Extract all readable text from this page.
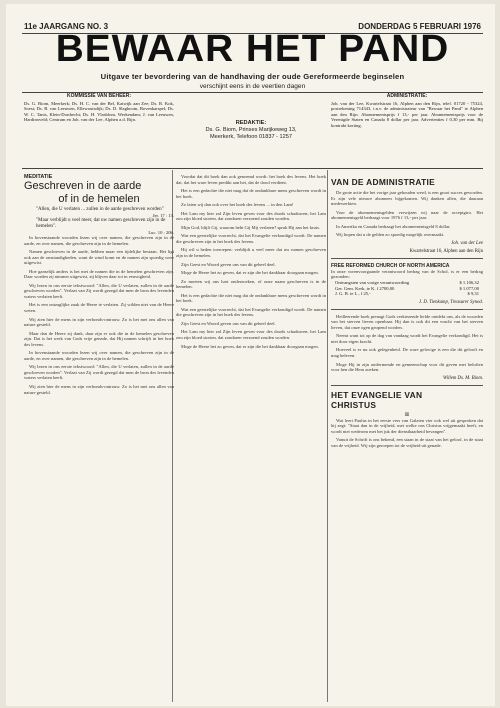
11e JAARGANG NO. 3	DONDERDAG 5 FEBRUARI 1976
BEWAAR HET PAND
Uitgave ter bevordering van de handhaving der oude Gereformeerde beginselen
verschijnt eens in de veertien dagen
KOMMISSIE VAN BEHEER:
Ds. G. Biom, Meerkerk; Ds. H. C. van der Bel, Katwijk aan Zee; Ds. R. Kok, Soest; Ds. B. van Leeuwen, Ellewoutsdijk; Ds. D. Slagboom, Bovenkarspel; Ds. W. C. Tanis, Klein-Dordrecht; Ds. H. Vlasblom, Werkendam; J. van Leeuwen, Hardinxveld; Centrum en Joh. van der Lee, Alphen a.d. Rijn.
ADMINISTRATIE:
Joh. van der Lee, Kwartelstraat 16, Alphen aan den Rijn, telef. 01720 - 75324, postrekening 714343, t.n.v. de administrateur van "Bewaar het Pand" te Alphen aan den Rijn. Abonnementsprijs f 13,- per jaar. Abonnementsprijs voor de Verenigde Staten en Canada 8 dollar per jaar. Advertenties f 0,30 per mm. Bij kontrakt korting.
REDAKTIE:
Ds. G. Biom, Prinses Marijkeweg 13,
Meerkerk, Telefoon 01837 - 1257
MEDITATIE
Geschreven in de aarde
of in de hemelen
"Allen, die U verlaten ... zullen in de aarde geschreven worden"
Jer. 17 : 13.
"Maar verblijdt u veel meer, dat uw namen geschreven zijn in de hemelen".
Luc. 10 : 20b.

In bovenstaande woorden lezen wij over namen, die geschreven zijn in de aarde, en over namen, die geschreven zijn in de hemelen.

Namen geschreven in de aarde, hebben maar een tijdelijke bestaan. Het ligt ook aan de omstandigheden, want de wind komt en de namen zijn spoedig weer uitgewist.

Hoe ganselijk anders is het met de namen die in de hemelen geschreven zijn. Daar worden zij nimmer uitgewist, zij blijven daar tot in eeuwigheid.

Wij lezen in ons eerste tekstwoord: "Allen, die U verlaten, zullen in de aarde geschreven worden". Verlaat van Zij wordt gezegd dat men de bron des levenden waters verlaten heeft.

Het is een ontzaglijke zaak de Heere te verlaten. Zij wilden niet van de Heere weten.

Wij zien hier de mens in zijn verbonds-ontrouw. Zo is het met ons allen van nature gesteld.

Maar dan de Heere zij dank, daar zijn er ook die in de hemelen geschreven zijn. Dat is het werk van Gods vrije genade, dat Hij namen schrijft in het boek des levens.

In bovenstaande woorden lezen wij over namen, die geschreven zijn in de aarde, en over namen, die geschreven zijn in de hemelen.

Wij lezen in ons eerste tekstwoord: "Allen, die U verlaten, zullen in de aarde geschreven worden". Verlaat van Zij wordt gezegd dat men de bron des levenden waters verlaten heeft.

Wij zien hier de mens in zijn verbonds-ontrouw. Zo is het met ons allen van nature gesteld.

Voordat dat dit boek dan ook genoemd wordt: het boek des levens. Het boek dat, dat het ware leven predikt aan het, dat de dood verdient.

Het is een gedachte die niet mag dat de ondankbare mens geschreven wordt in het boek.

Zo laten wij dan ook over het boek des levens ... in den Lam!

Het Lam my hier zal Zijn leven geven voor des doods schaduwen; het Lam zou zijn bloed storten, dat zondaren verzoend zouden worden.

Mijn God, blijft Gij, waarom hebt Gij Mij verlaten? sprak Hij aan het kruis.

Wat een geestelijke voorrecht, dat het Evangelie verkondigd wordt. De namen die geschreven zijn in het boek des levens.

Hij wil u heden toeroepen: verblijdt u veel meer dat uw namen geschreven zijn in de hemelen.

Zijn Geest en Woord geven ons van dit geheel deel.

Moge de Heere het zo geven, dat er zijn die het dankbaar doorgaan mogen.

Zo moeten wij ons hart onderzoeken, of onze naam geschreven is in de hemelen.

Het is een gedachte die niet mag dat de ondankbare mens geschreven wordt in het boek.

Wat een geestelijke voorrecht, dat het Evangelie verkondigd wordt. De namen die geschreven zijn in het boek des levens.

Zijn Geest en Woord geven ons van dit geheel deel.

Het Lam my hier zal Zijn leven geven voor des doods schaduwen; het Lam zou zijn bloed storten, dat zondaren verzoend zouden worden.

Moge de Heere het zo geven, dat er zijn die het dankbaar doorgaan mogen.

VAN DE ADMINISTRATIE

De grote actie die het vorige jaar gehouden werd, is een groot succes geworden. Er zijn vele nieuwe abonnees bijgekomen. Wij danken allen, die daaraan medewerkten.

Voor de abonnementsgelden verwijzen wij naar de acceptgiro. Het abonnementsgeld bedraagt voor 1976 f 13,- per jaar.

In Amerika en Canada bedraagt het abonnementsgeld 8 dollar.

Wij hopen dat u de gelden zo spoedig mogelijk overmaakt.

Joh. van der Lee
Kwartelstraat 16, Alphen aan den Rijn
FREE REFORMED CHURCH OF NORTH AMERICA
In onze vorenvoorgaande verantwoord bedrag van de Schol, is er een bedrag gezonden:
Ontvangsten van vorige verantwoording	$ 1.106,32
Ger. Gem. Kerk, te K. f 2700,00	$ 1.077,00
J. G. B. te L., f 25,-	$ 9,31
J. D. Tienkamp, Treasurer Synod.

Heilleerende boek prenagt Gods verkiezende liefde ontdekt ons, als de woorden van het sterven lieven openbaar. Hij dan is ook dit een vrucht van het sterven lieven, dat onze ogen geopend worden.

Neemt want tot op de dag van vandaag wordt het Evangelie verkondigd. Het is niet door eigen kracht.

Hoeveel is er nu ook gelegenheid. De ware gelovige is een die dit gelooft en mag beleven.

Moge Hij in zijn ontfermende en gemeenschap voor dit geven met beloften voor hen die Hem zoeken.

Willem Ds. M. Biom.
HET EVANGELIE VAN
CHRISTUS
II

Wat leert Paulus in het eerste vers van Galaten vier ook wel uit gesproken dat hij zegt: "Staat dan in de vrijheid, met welke ons Christus vrijgemaakt heeft, en wordt niet wederom met het juk der dienstbaarheid bevangen".

Vanuit de Schrift is ons bekend, een staan in de staat van het geloof, in de staat van de vrijheid. Wij zijn geroepen tot de vrijheid uit genade.
